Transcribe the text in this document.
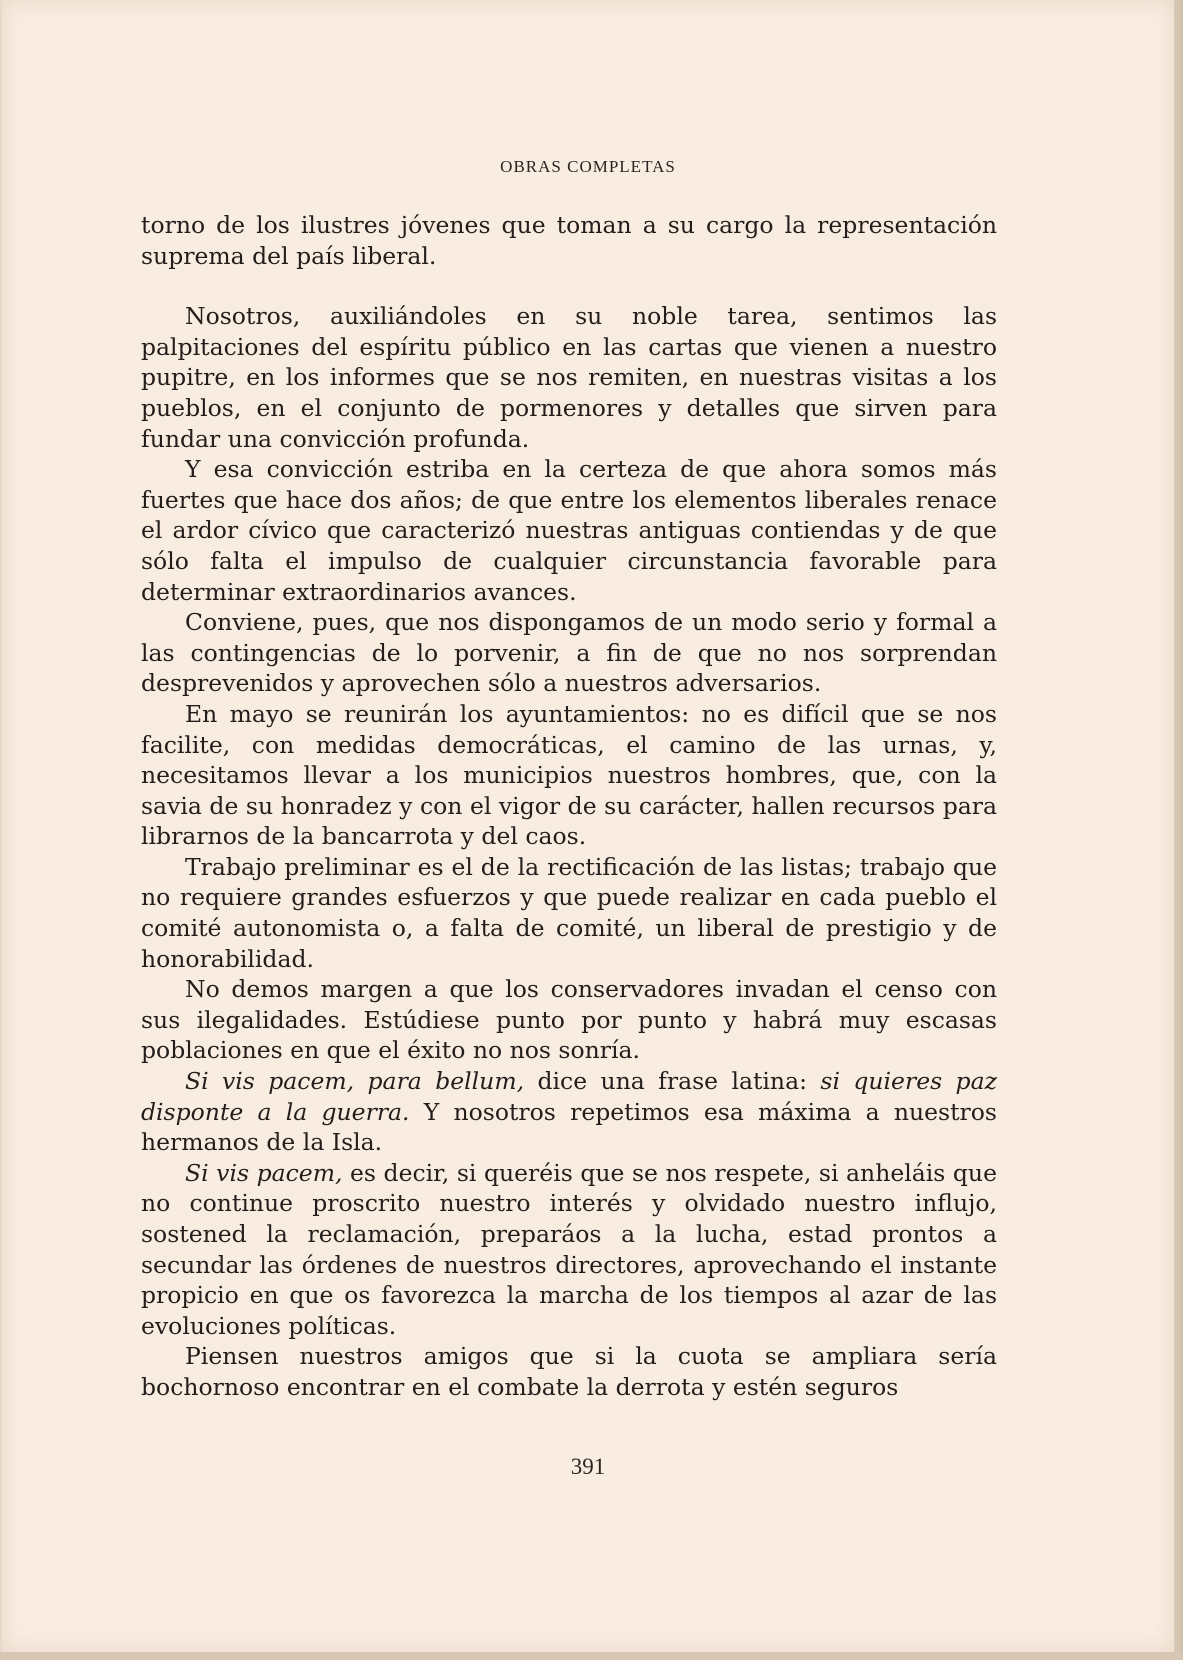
OBRAS COMPLETAS

torno de los ilustres jóvenes que toman a su cargo la representación suprema del país liberal.

Nosotros, auxiliándoles en su noble tarea, sentimos las palpitaciones del espíritu público en las cartas que vienen a nuestro pupitre, en los informes que se nos remiten, en nuestras visitas a los pueblos, en el conjunto de pormenores y detalles que sirven para fundar una convicción profunda.

Y esa convicción estriba en la certeza de que ahora somos más fuertes que hace dos años; de que entre los elementos liberales renace el ardor cívico que caracterizó nuestras antiguas contiendas y de que sólo falta el impulso de cualquier circunstancia favorable para determinar extraordinarios avances.

Conviene, pues, que nos dispongamos de un modo serio y formal a las contingencias de lo porvenir, a fin de que no nos sorprendan desprevenidos y aprovechen sólo a nuestros adversarios.

En mayo se reunirán los ayuntamientos: no es difícil que se nos facilite, con medidas democráticas, el camino de las urnas, y, necesitamos llevar a los municipios nuestros hombres, que, con la savia de su honradez y con el vigor de su carácter, hallen recursos para librarnos de la bancarrota y del caos.

Trabajo preliminar es el de la rectificación de las listas; trabajo que no requiere grandes esfuerzos y que puede realizar en cada pueblo el comité autonomista o, a falta de comité, un liberal de prestigio y de honorabilidad.

No demos margen a que los conservadores invadan el censo con sus ilegalidades. Estúdiese punto por punto y habrá muy escasas poblaciones en que el éxito no nos sonría.

Si vis pacem, para bellum, dice una frase latina: si quieres paz disponte a la guerra. Y nosotros repetimos esa máxima a nuestros hermanos de la Isla.

Si vis pacem, es decir, si queréis que se nos respete, si anheláis que no continue proscrito nuestro interés y olvidado nuestro influjo, sostened la reclamación, preparáos a la lucha, estad prontos a secundar las órdenes de nuestros directores, aprovechando el instante propicio en que os favorezca la marcha de los tiempos al azar de las evoluciones políticas.

Piensen nuestros amigos que si la cuota se ampliara sería bochornoso encontrar en el combate la derrota y estén seguros

391
